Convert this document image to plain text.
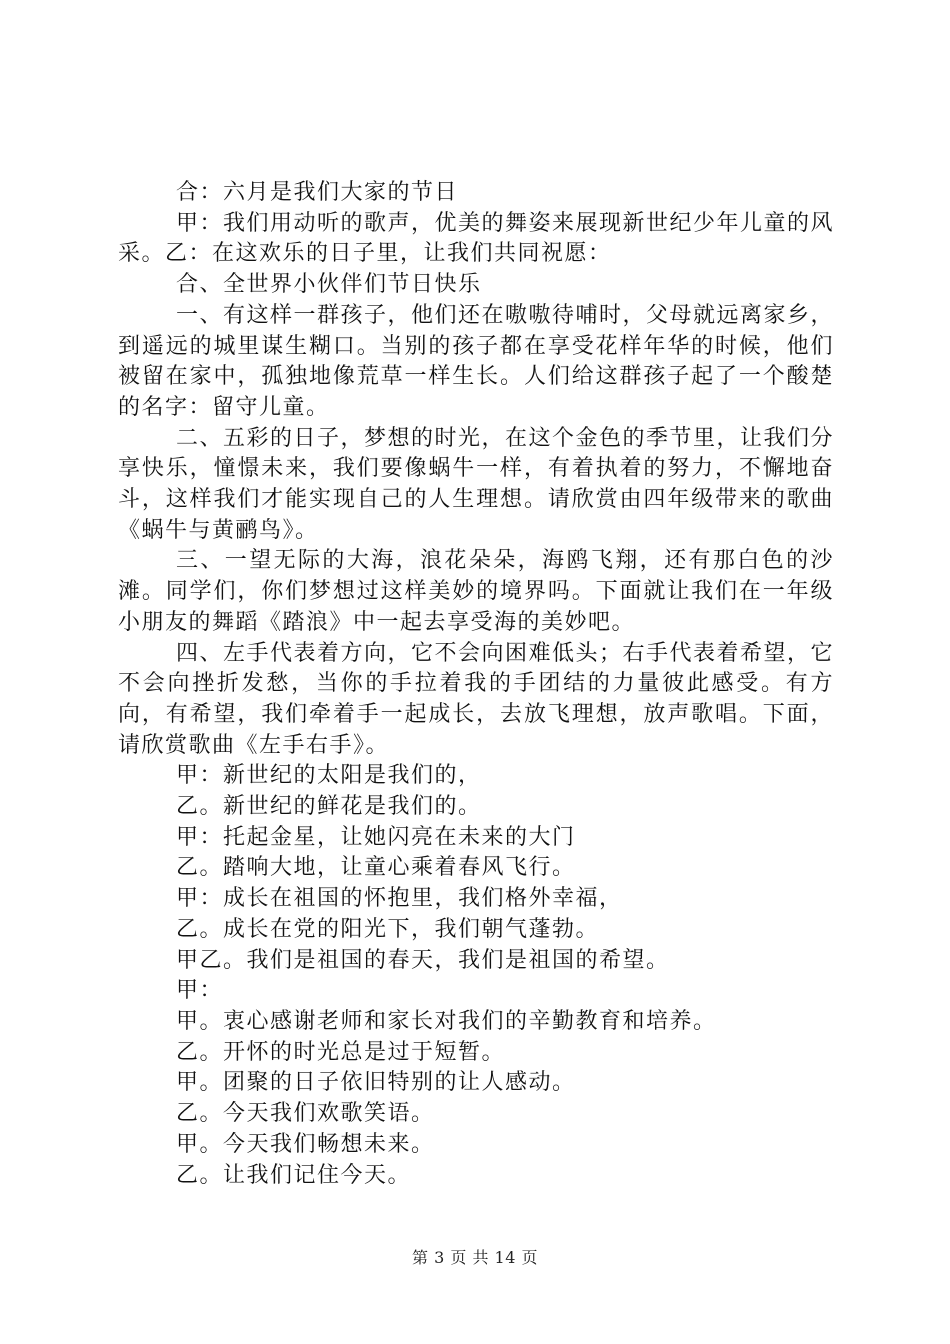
合：六月是我们大家的节日

甲：我们用动听的歌声，优美的舞姿来展现新世纪少年儿童的风采。乙：在这欢乐的日子里，让我们共同祝愿：

合、全世界小伙伴们节日快乐

一、有这样一群孩子，他们还在嗷嗷待哺时，父母就远离家乡，到遥远的城里谋生糊口。当别的孩子都在享受花样年华的时候，他们被留在家中，孤独地像荒草一样生长。人们给这群孩子起了一个酸楚的名字：留守儿童。

二、五彩的日子，梦想的时光，在这个金色的季节里，让我们分享快乐，憧憬未来，我们要像蜗牛一样，有着执着的努力，不懈地奋斗，这样我们才能实现自己的人生理想。请欣赏由四年级带来的歌曲《蜗牛与黄鹂鸟》。

三、一望无际的大海，浪花朵朵，海鸥飞翔，还有那白色的沙滩。同学们，你们梦想过这样美妙的境界吗。下面就让我们在一年级小朋友的舞蹈《踏浪》中一起去享受海的美妙吧。

四、左手代表着方向，它不会向困难低头；右手代表着希望，它不会向挫折发愁，当你的手拉着我的手团结的力量彼此感受。有方向，有希望，我们牵着手一起成长，去放飞理想，放声歌唱。下面，请欣赏歌曲《左手右手》。

甲：新世纪的太阳是我们的，

乙。新世纪的鲜花是我们的。

甲：托起金星，让她闪亮在未来的大门

乙。踏响大地，让童心乘着春风飞行。

甲：成长在祖国的怀抱里，我们格外幸福，

乙。成长在党的阳光下，我们朝气蓬勃。

甲乙。我们是祖国的春天，我们是祖国的希望。

甲：

甲。衷心感谢老师和家长对我们的辛勤教育和培养。

乙。开怀的时光总是过于短暂。

甲。团聚的日子依旧特别的让人感动。

乙。今天我们欢歌笑语。

甲。今天我们畅想未来。

乙。让我们记住今天。

第 3 页 共 14 页
